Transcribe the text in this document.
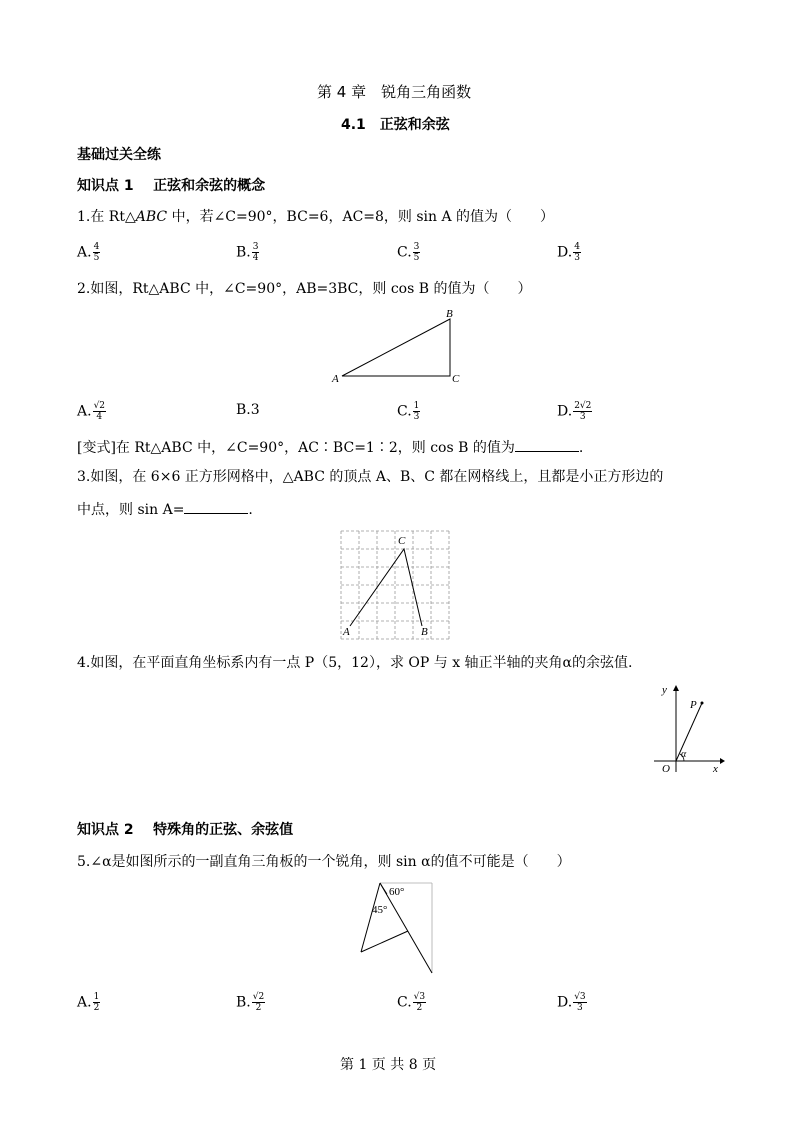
第 4 章　锐角三角函数
4.1　正弦和余弦
基础过关全练
知识点 1 正弦和余弦的概念
1.在 Rt△ABC 中，若∠C=90°，BC=6，AC=8，则 sin A 的值为（　　）
A. $\frac{4}{5}$	B. $\frac{3}{4}$	C. $\frac{3}{5}$	D. $\frac{4}{3}$
2.如图，Rt△ABC 中，∠C=90°，AB=3BC，则 cos B 的值为（　　）
A
B
C
A. $\frac{√2}{4}$	B.3	C. $\frac{1}{3}$	D. $\frac{2√2}{3}$
[变式]在 Rt△ABC 中，∠C=90°，AC∶BC=1∶2，则 cos B 的值为	.
3.如图，在 6×6 正方形网格中，△ABC 的顶点 A、B、C 都在网格线上，且都是小正方形边的
中点，则 sin A=	.
A	B
C
4.如图，在平面直角坐标系内有一点 P（5，12），求 OP 与 x 轴正半轴的夹角α的余弦值.
y
P
α
O	x
知识点 2 特殊角的正弦、余弦值
5.∠α是如图所示的一副直角三角板的一个锐角，则 sin α的值不可能是（　　）
60°
45°
A. $\frac{1}{2}$	B. $\frac{√2}{2}$	C. $\frac{√3}{2}$	D. $\frac{√3}{3}$
第 1 页 共 8 页
